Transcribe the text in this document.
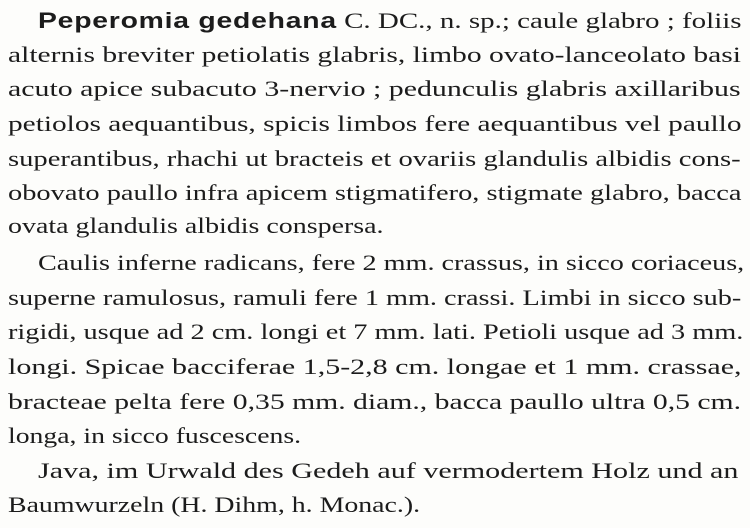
Peperomia gedehana C. DC., n. sp.; caule glabro ; foliis
alternis breviter petiolatis glabris, limbo ovato-lanceolato basi
acuto apice subacuto 3-nervio ; pedunculis glabris axillaribus
petiolos aequantibus, spicis limbos fere aequantibus vel paullo
superantibus, rhachi ut bracteis et ovariis glandulis albidis cons-
obovato paullo infra apicem stigmatifero, stigmate glabro, bacca
ovata glandulis albidis conspersa.
Caulis inferne radicans, fere 2 mm. crassus, in sicco coriaceus,
superne ramulosus, ramuli fere 1 mm. crassi. Limbi in sicco sub-
rigidi, usque ad 2 cm. longi et 7 mm. lati. Petioli usque ad 3 mm.
longi. Spicae bacciferae 1,5-2,8 cm. longae et 1 mm. crassae,
bracteae pelta fere 0,35 mm. diam., bacca paullo ultra 0,5 cm.
longa, in sicco fuscescens.
Java, im Urwald des Gedeh auf vermodertem Holz und an
Baumwurzeln (H. Dihm, h. Monac.).
